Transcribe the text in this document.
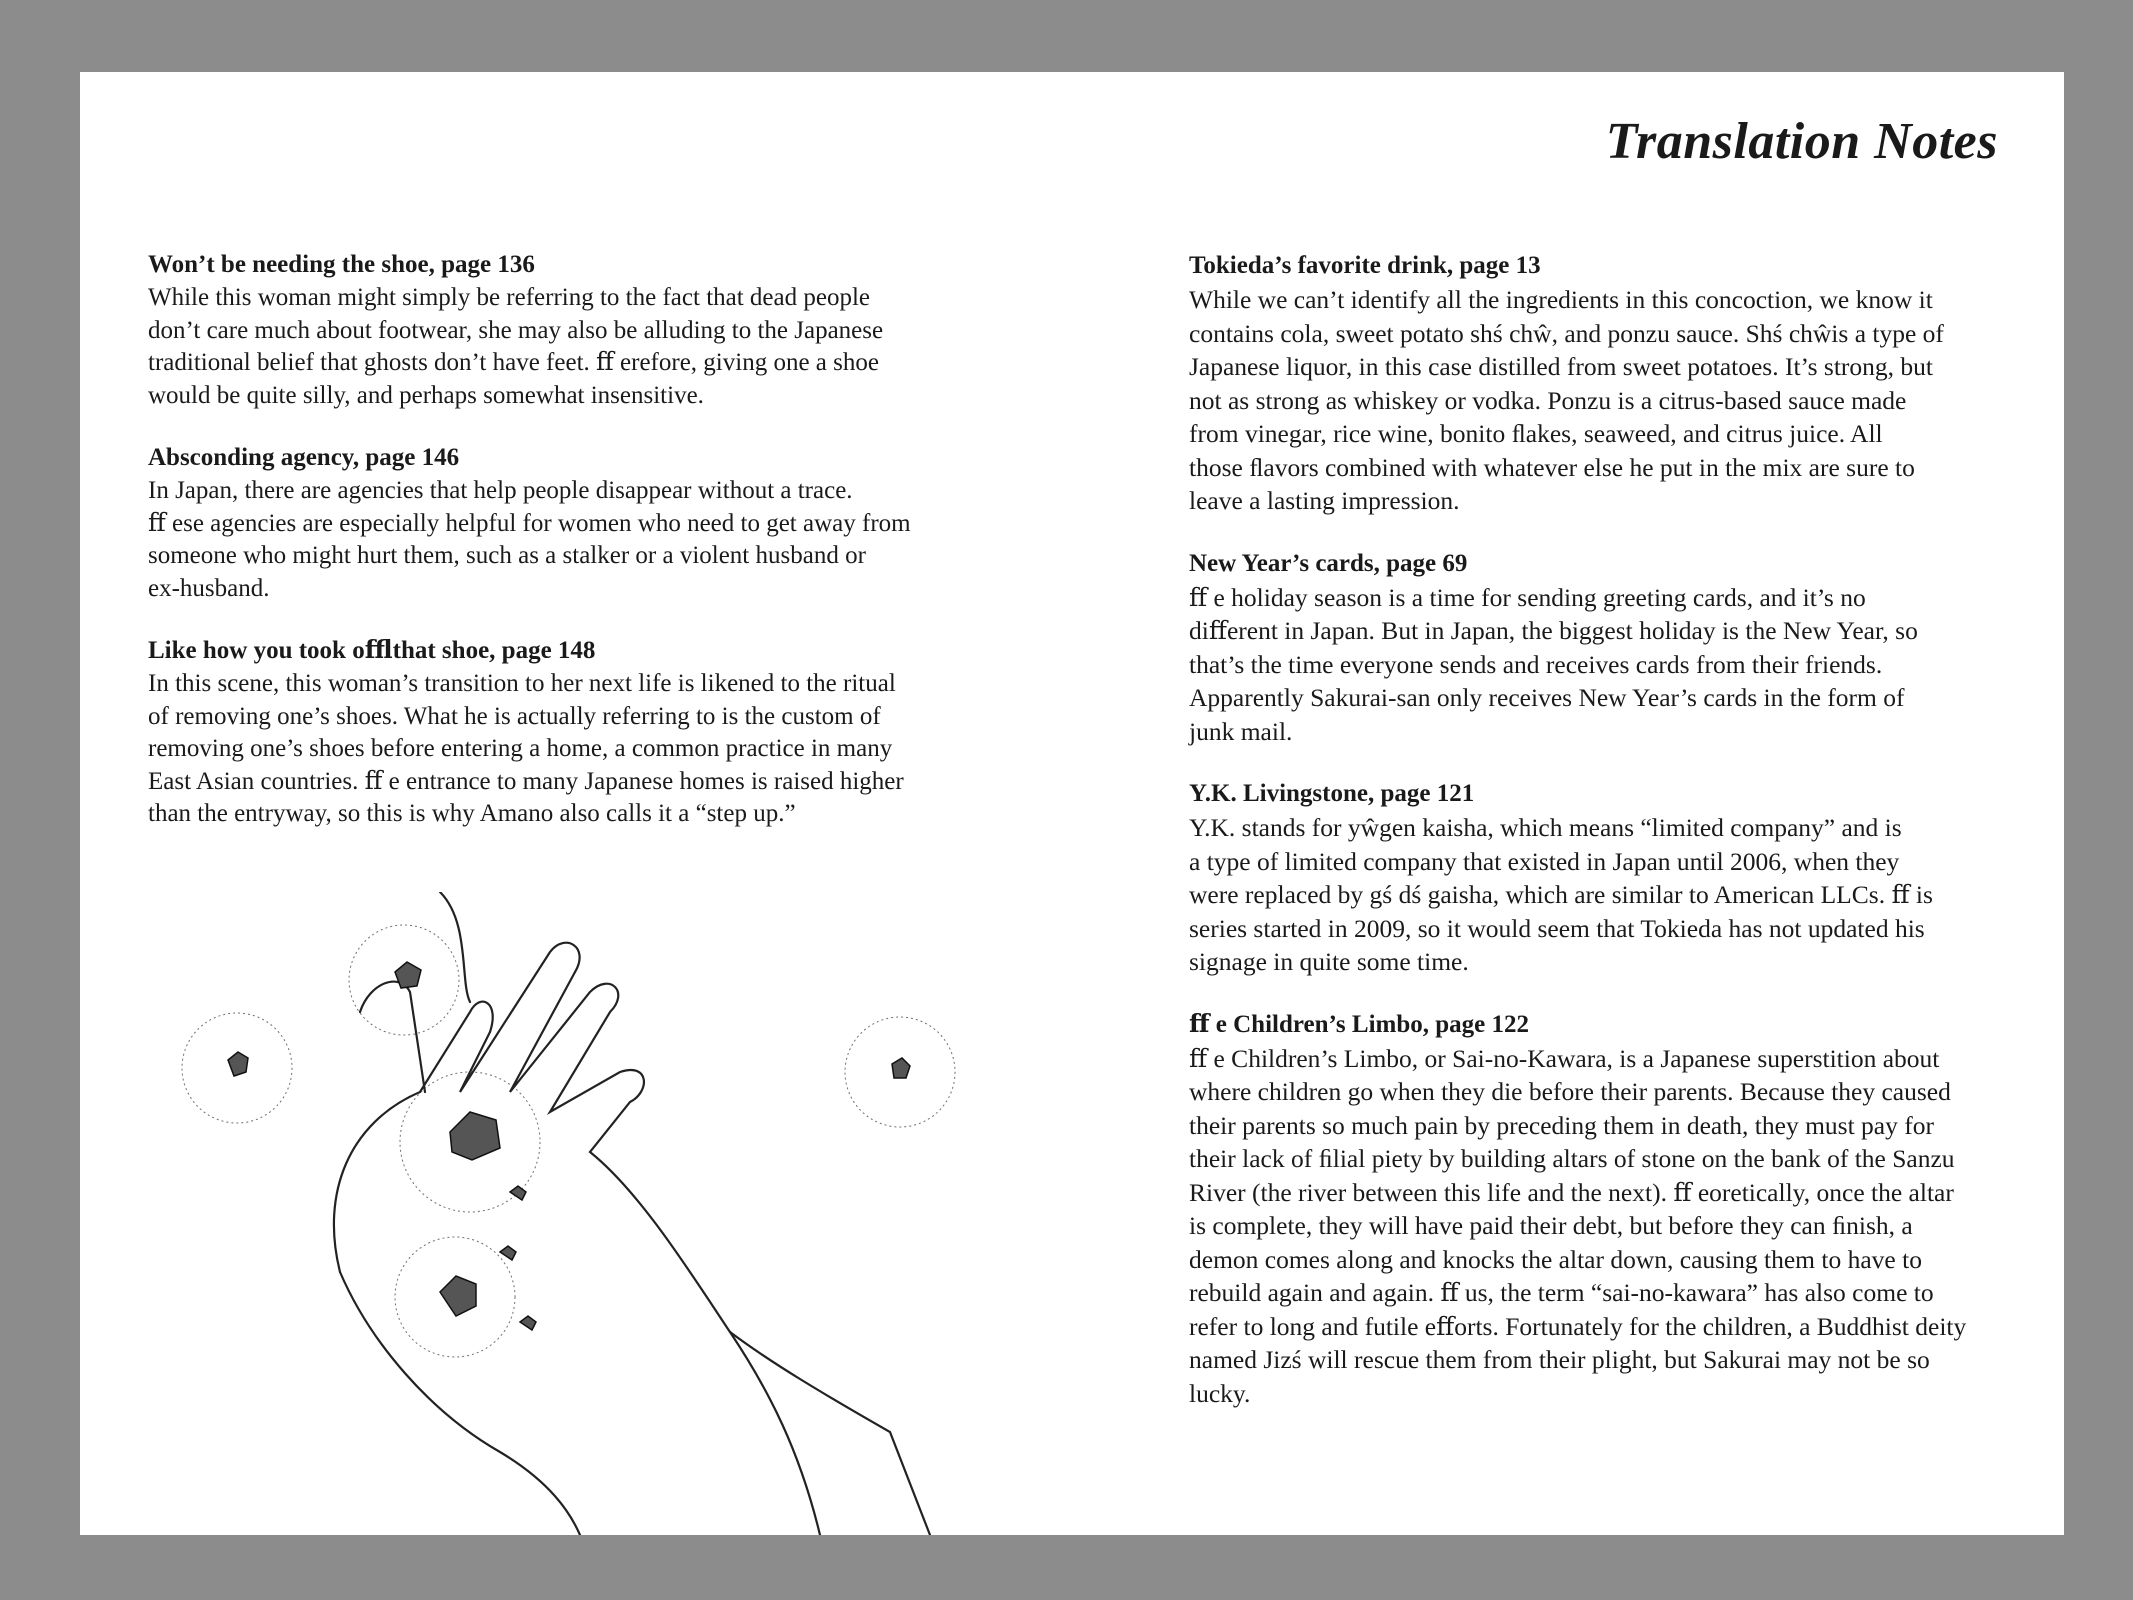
Translation Notes
Won’t be needing the shoe, page 136
While this woman might simply be referring to the fact that dead people
don’t care much about footwear, she may also be alluding to the Japanese
traditional belief that ghosts don’t have feet. ﬀ erefore, giving one a shoe
would be quite silly, and perhaps somewhat insensitive.
Absconding agency, page 146
In Japan, there are agencies that help people disappear without a trace.
ﬀ ese agencies are especially helpful for women who need to get away from
someone who might hurt them, such as a stalker or a violent husband or
ex-husband.
Like how you took oﬄthat shoe, page 148
In this scene, this woman’s transition to her next life is likened to the ritual
of removing one’s shoes. What he is actually referring to is the custom of
removing one’s shoes before entering a home, a common practice in many
East Asian countries. ﬀ e entrance to many Japanese homes is raised higher
than the entryway, so this is why Amano also calls it a “step up.”
Tokieda’s favorite drink, page 13
While we can’t identify all the ingredients in this concoction, we know it
contains cola, sweet potato shś chŵ, and ponzu sauce. Shś chŵis a type of
Japanese liquor, in this case distilled from sweet potatoes. It’s strong, but
not as strong as whiskey or vodka. Ponzu is a citrus-based sauce made
from vinegar, rice wine, bonito ﬂakes, seaweed, and citrus juice. All
those ﬂavors combined with whatever else he put in the mix are sure to
leave a lasting impression.
New Year’s cards, page 69
ﬀ e holiday season is a time for sending greeting cards, and it’s no
diﬀerent in Japan. But in Japan, the biggest holiday is the New Year, so
that’s the time everyone sends and receives cards from their friends.
Apparently Sakurai-san only receives New Year’s cards in the form of
junk mail.
Y.K. Livingstone, page 121
Y.K. stands for yŵgen kaisha, which means “limited company” and is
a type of limited company that existed in Japan until 2006, when they
were replaced by gś dś gaisha, which are similar to American LLCs. ﬀ is
series started in 2009, so it would seem that Tokieda has not updated his
signage in quite some time.
ﬀ e Children’s Limbo, page 122
ﬀ e Children’s Limbo, or Sai-no-Kawara, is a Japanese superstition about
where children go when they die before their parents. Because they caused
their parents so much pain by preceding them in death, they must pay for
their lack of ﬁlial piety by building altars of stone on the bank of the Sanzu
River (the river between this life and the next). ﬀ eoretically, once the altar
is complete, they will have paid their debt, but before they can ﬁnish, a
demon comes along and knocks the altar down, causing them to have to
rebuild again and again. ﬀ us, the term “sai-no-kawara” has also come to
refer to long and futile eﬀorts. Fortunately for the children, a Buddhist deity
named Jizś will rescue them from their plight, but Sakurai may not be so
lucky.
